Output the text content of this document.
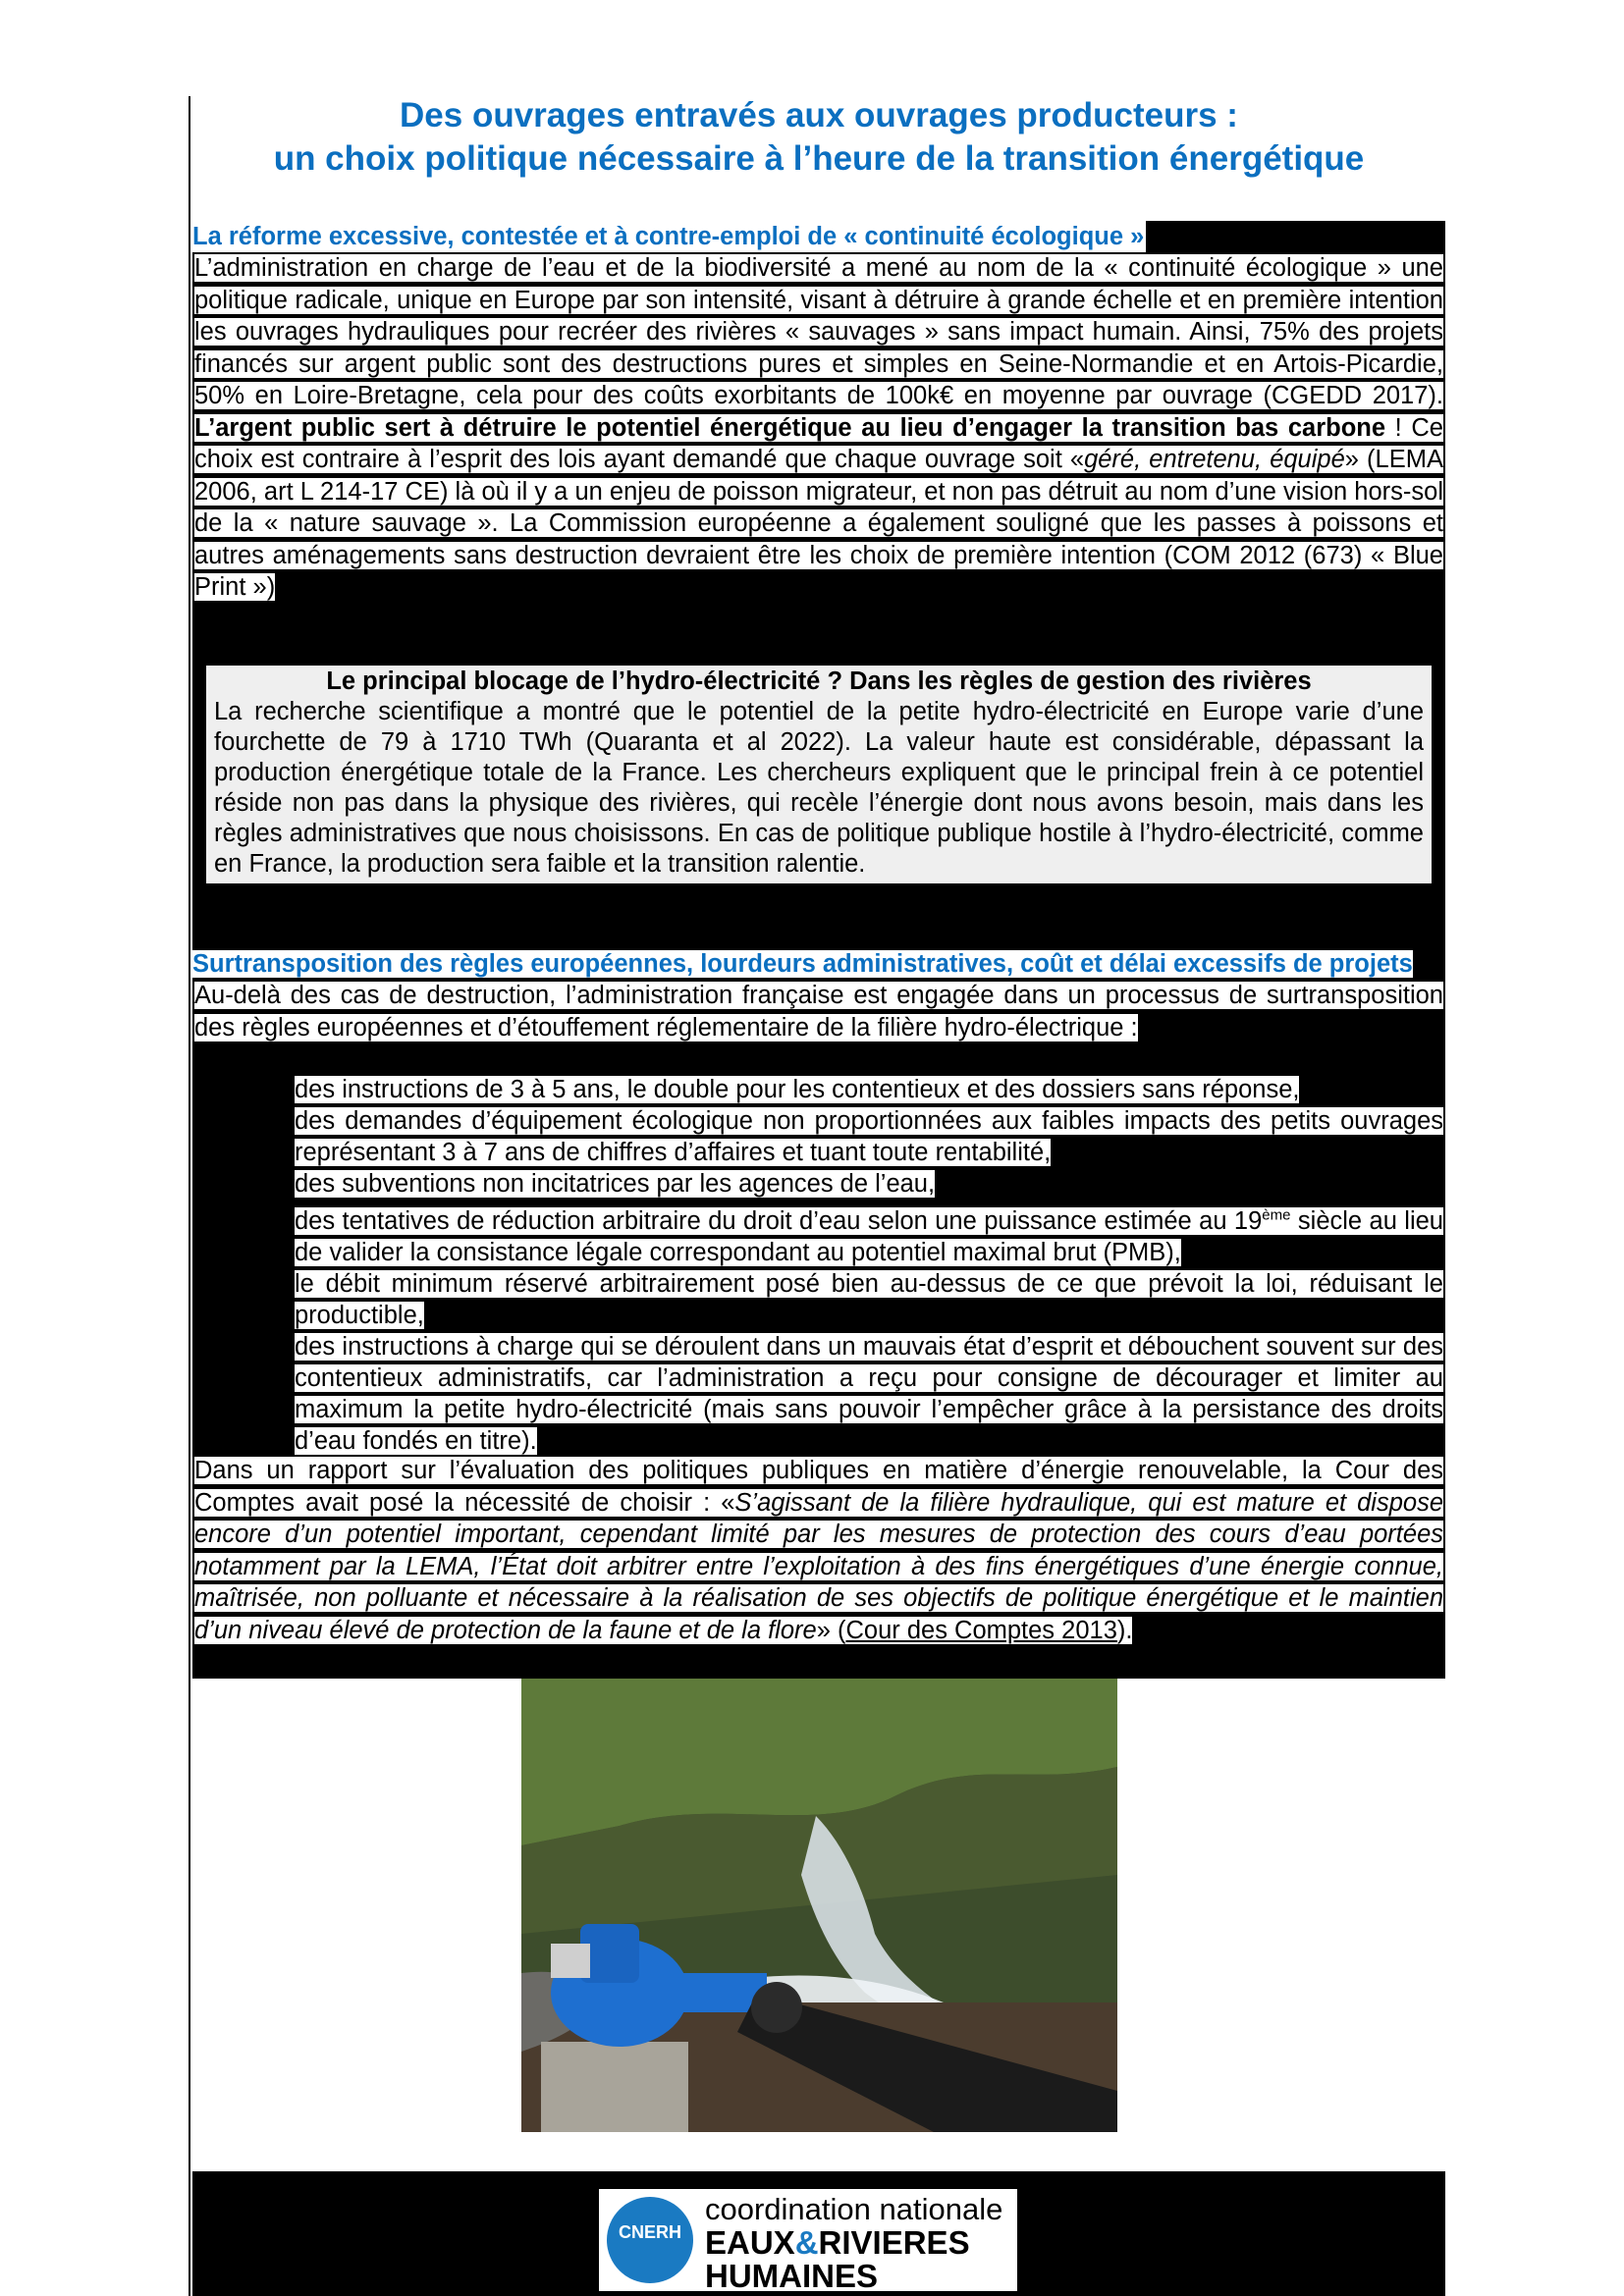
Des ouvrages entravés aux ouvrages producteurs :

un choix politique nécessaire à l’heure de la transition énergétique

La réforme excessive, contestée et à contre-emploi de « continuité écologique »

L’administration en charge de l’eau et de la biodiversité a mené au nom de la « continuité écologique » une politique radicale, unique en Europe par son intensité, visant à détruire à grande échelle et en première intention les ouvrages hydrauliques pour recréer des rivières « sauvages » sans impact humain. Ainsi, 75% des projets financés sur argent public sont des destructions pures et simples en Seine-Normandie et en Artois-Picardie, 50% en Loire-Bretagne, cela pour des coûts exorbitants de 100k€ en moyenne par ouvrage (CGEDD 2017). L’argent public sert à détruire le potentiel énergétique au lieu d’engager la transition bas carbone ! Ce choix est contraire à l’esprit des lois ayant demandé que chaque ouvrage soit «géré, entretenu, équipé» (LEMA 2006, art L 214-17 CE) là où il y a un enjeu de poisson migrateur, et non pas détruit au nom d’une vision hors-sol de la « nature sauvage ». La Commission européenne a également souligné que les passes à poissons et autres aménagements sans destruction devraient être les choix de première intention (COM 2012 (673) « Blue Print »)

Le principal blocage de l’hydro-électricité ? Dans les règles de gestion des rivières

La recherche scientifique a montré que le potentiel de la petite hydro-électricité en Europe varie d’une fourchette de 79 à 1710 TWh (Quaranta et al 2022). La valeur haute est considérable, dépassant la production énergétique totale de la France. Les chercheurs expliquent que le principal frein à ce potentiel réside non pas dans la physique des rivières, qui recèle l’énergie dont nous avons besoin, mais dans les règles administratives que nous choisissons. En cas de politique publique hostile à l’hydro-électricité, comme en France, la production sera faible et la transition ralentie.

Surtransposition des règles européennes, lourdeurs administratives, coût et délai excessifs de projets

Au-delà des cas de destruction, l’administration française est engagée dans un processus de surtransposition des règles européennes et d’étouffement réglementaire de la filière hydro-électrique :

des instructions de 3 à 5 ans, le double pour les contentieux et des dossiers sans réponse,
des demandes d’équipement écologique non proportionnées aux faibles impacts des petits ouvrages représentant 3 à 7 ans de chiffres d’affaires et tuant toute rentabilité,
des subventions non incitatrices par les agences de l’eau,
des tentatives de réduction arbitraire du droit d’eau selon une puissance estimée au 19ème siècle au lieu de valider la consistance légale correspondant au potentiel maximal brut (PMB),
le débit minimum réservé arbitrairement posé bien au-dessus de ce que prévoit la loi, réduisant le productible,
des instructions à charge qui se déroulent dans un mauvais état d’esprit et débouchent souvent sur des contentieux administratifs, car l’administration a reçu pour consigne de décourager et limiter au maximum la petite hydro-électricité (mais sans pouvoir l’empêcher grâce à la persistance des droits d’eau fondés en titre).

Dans un rapport sur l’évaluation des politiques publiques en matière d’énergie renouvelable, la Cour des Comptes avait posé la nécessité de choisir : «S’agissant de la filière hydraulique, qui est mature et dispose encore d’un potentiel important, cependant limité par les mesures de protection des cours d’eau portées notamment par la LEMA, l’État doit arbitrer entre l’exploitation à des fins énergétiques d’une énergie connue, maîtrisée, non polluante et nécessaire à la réalisation de ses objectifs de politique énergétique et le maintien d’un niveau élevé de protection de la faune et de la flore» (Cour des Comptes 2013).

CNERH
coordination nationale
EAUX&RIVIERES
HUMAINES
